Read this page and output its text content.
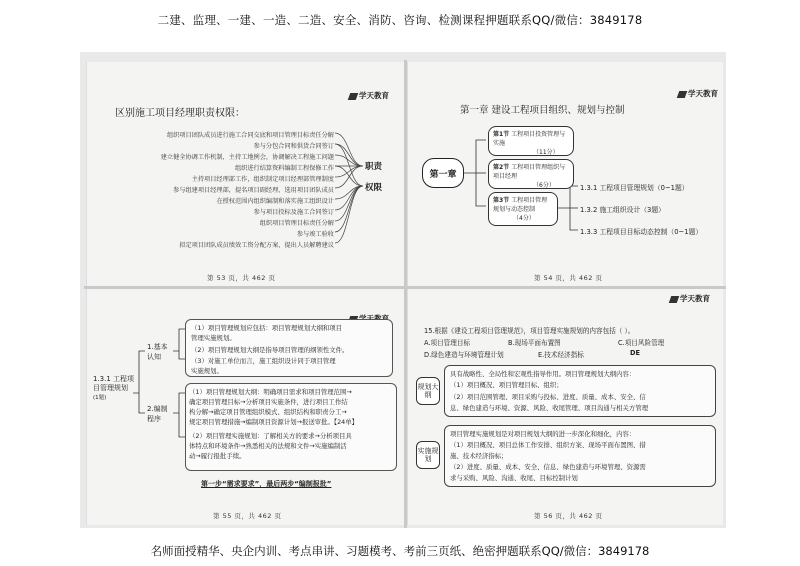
二建、监理、一建、一造、二造、安全、消防、咨询、检测课程押题联系QQ/微信：3849178
学天教育
区别施工项目经理职责权限：
组织项目团队成员进行施工合同交底和项目管理目标责任分解
参与分包合同和供货合同签订
建立健全协调工作机制，主持工地例会，协调解决工程施工问题
组织进行结算资料编制工程保修工作
主持项目经理部工作，组织制定项目经理部管理制度
参与组建项目经理部，提名项目副经理、选用项目团队成员
在授权范围内组织编制和落实施工组织设计
参与项目投标及施工合同签订
组织项目管理目标责任分解
参与竣工验收
拟定项目团队成员绩效工资分配方案，提出人员解聘建议
职责
权限
第 53 页，共 462 页
学天教育
第一章 建设工程项目组织、规划与控制
第一章
第1节 工程项目投资管理与实施
（11分）
第2节 工程项目管理组织与项目经理
（6分）
第3节 工程项目管理规划与动态控制
（4分）
1.3.1 工程项目管理规划（0~1题）
1.3.2 施工组织设计（3题）
1.3.3 工程项目目标动态控制（0~1题）
第 54 页，共 462 页
1.3.1 工程项目管理规划
(1题)
1.基本认知
2.编制程序
（1）项目管理规划应包括：项目管理规划大纲和项目
管理实施规划。
（2）项目管理规划大纲是指导项目管理的纲领性文件。
（3）对施工单位而言，施工组织设计同于项目管理
实施规划。
（1）项目管理规划大纲：明确项目需求和项目管理范围→
确定项目管理目标→分析项目实施条件，进行项目工作结
构分解→确定项目管理组织模式、组织结构和职责分工→
规定项目管理措施→编制项目资源计划→报送审批。【24单】
（2）项目管理实施规划：了解相关方的要求→分析项目具
体特点和环境条件→熟悉相关的法规和文件→实施编制活
动→履行报批手续。
第一步“需求要求”，最后两步“编制报批”
第 55 页，共 462 页
学天教育
15.根据《建设工程项目管理规范》，项目管理实施规划的内容包括（ ）。
A.项目管理目标	B.现场平面布置图	C.项目风险管理
D.绿色建造与环境管理计划	E.技术经济指标	DE
规划大纲
具有战略性、全局性和宏观性指导作用。项目管理规划大纲内容：
（1）项目概况、项目管理目标、组织；
（2）项目范围管理、项目采购与投标、进度、质量、成本、安全、信
息、绿色建造与环境、资源、风险、收尾管理、项目沟通与相关方管理
实施规划
项目管理实施规划是对项目规划大纲的进一步深化和细化，内容：
（1）项目概况、项目总体工作安排、组织方案、现场平面布置图、措
施、技术经济指标；
（2）进度、质量、成本、安全、信息、绿色建造与环境管理、资源需
求与采购、风险、沟通、收尾、目标控制计划
第 56 页，共 462 页
名师面授精华、央企内训、考点串讲、习题模考、考前三页纸、绝密押题联系QQ/微信：3849178
